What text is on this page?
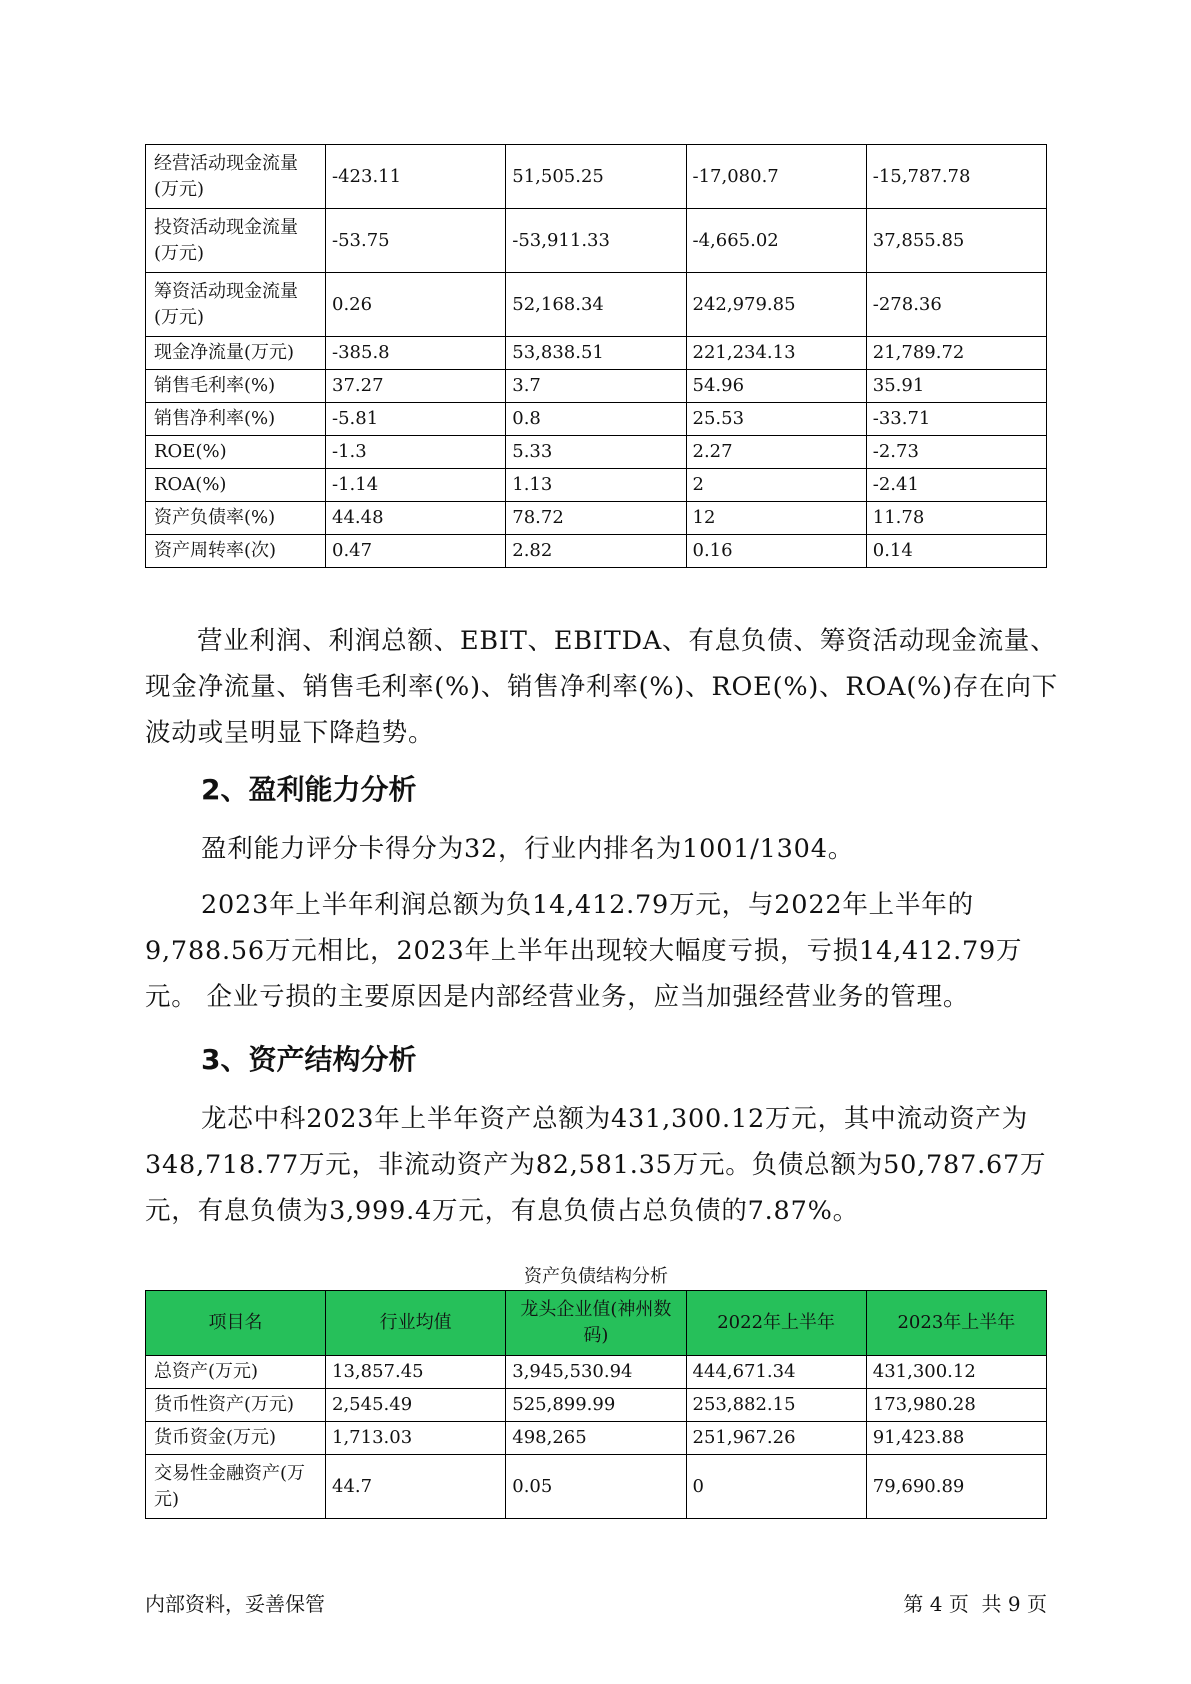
经营活动现金流量(万元)	-423.11	51,505.25	-17,080.7	-15,787.78
投资活动现金流量(万元)	-53.75	-53,911.33	-4,665.02	37,855.85
筹资活动现金流量(万元)	0.26	52,168.34	242,979.85	-278.36
现金净流量(万元)	-385.8	53,838.51	221,234.13	21,789.72
销售毛利率(%)	37.27	3.7	54.96	35.91
销售净利率(%)	-5.81	0.8	25.53	-33.71
ROE(%)	-1.3	5.33	2.27	-2.73
ROA(%)	-1.14	1.13	2	-2.41
资产负债率(%)	44.48	78.72	12	11.78
资产周转率(次)	0.47	2.82	0.16	0.14

营业利润、利润总额、EBIT、EBITDA、有息负债、筹资活动现金流量、现金净流量、销售毛利率(%)、销售净利率(%)、ROE(%)、ROA(%)存在向下波动或呈明显下降趋势。

2、盈利能力分析

盈利能力评分卡得分为32，行业内排名为1001/1304。

2023年上半年利润总额为负14,412.79万元，与2022年上半年的9,788.56万元相比，2023年上半年出现较大幅度亏损，亏损14,412.79万元。 企业亏损的主要原因是内部经营业务，应当加强经营业务的管理。

3、资产结构分析

龙芯中科2023年上半年资产总额为431,300.12万元，其中流动资产为348,718.77万元，非流动资产为82,581.35万元。负债总额为50,787.67万元，有息负债为3,999.4万元，有息负债占总负债的7.87%。

资产负债结构分析

项目名	行业均值	龙头企业值(神州数码)	2022年上半年	2023年上半年
总资产(万元)	13,857.45	3,945,530.94	444,671.34	431,300.12
货币性资产(万元)	2,545.49	525,899.99	253,882.15	173,980.28
货币资金(万元)	1,713.03	498,265	251,967.26	91,423.88
交易性金融资产(万元)	44.7	0.05	0	79,690.89
内部资料，妥善保管	第 4 页  共 9 页
